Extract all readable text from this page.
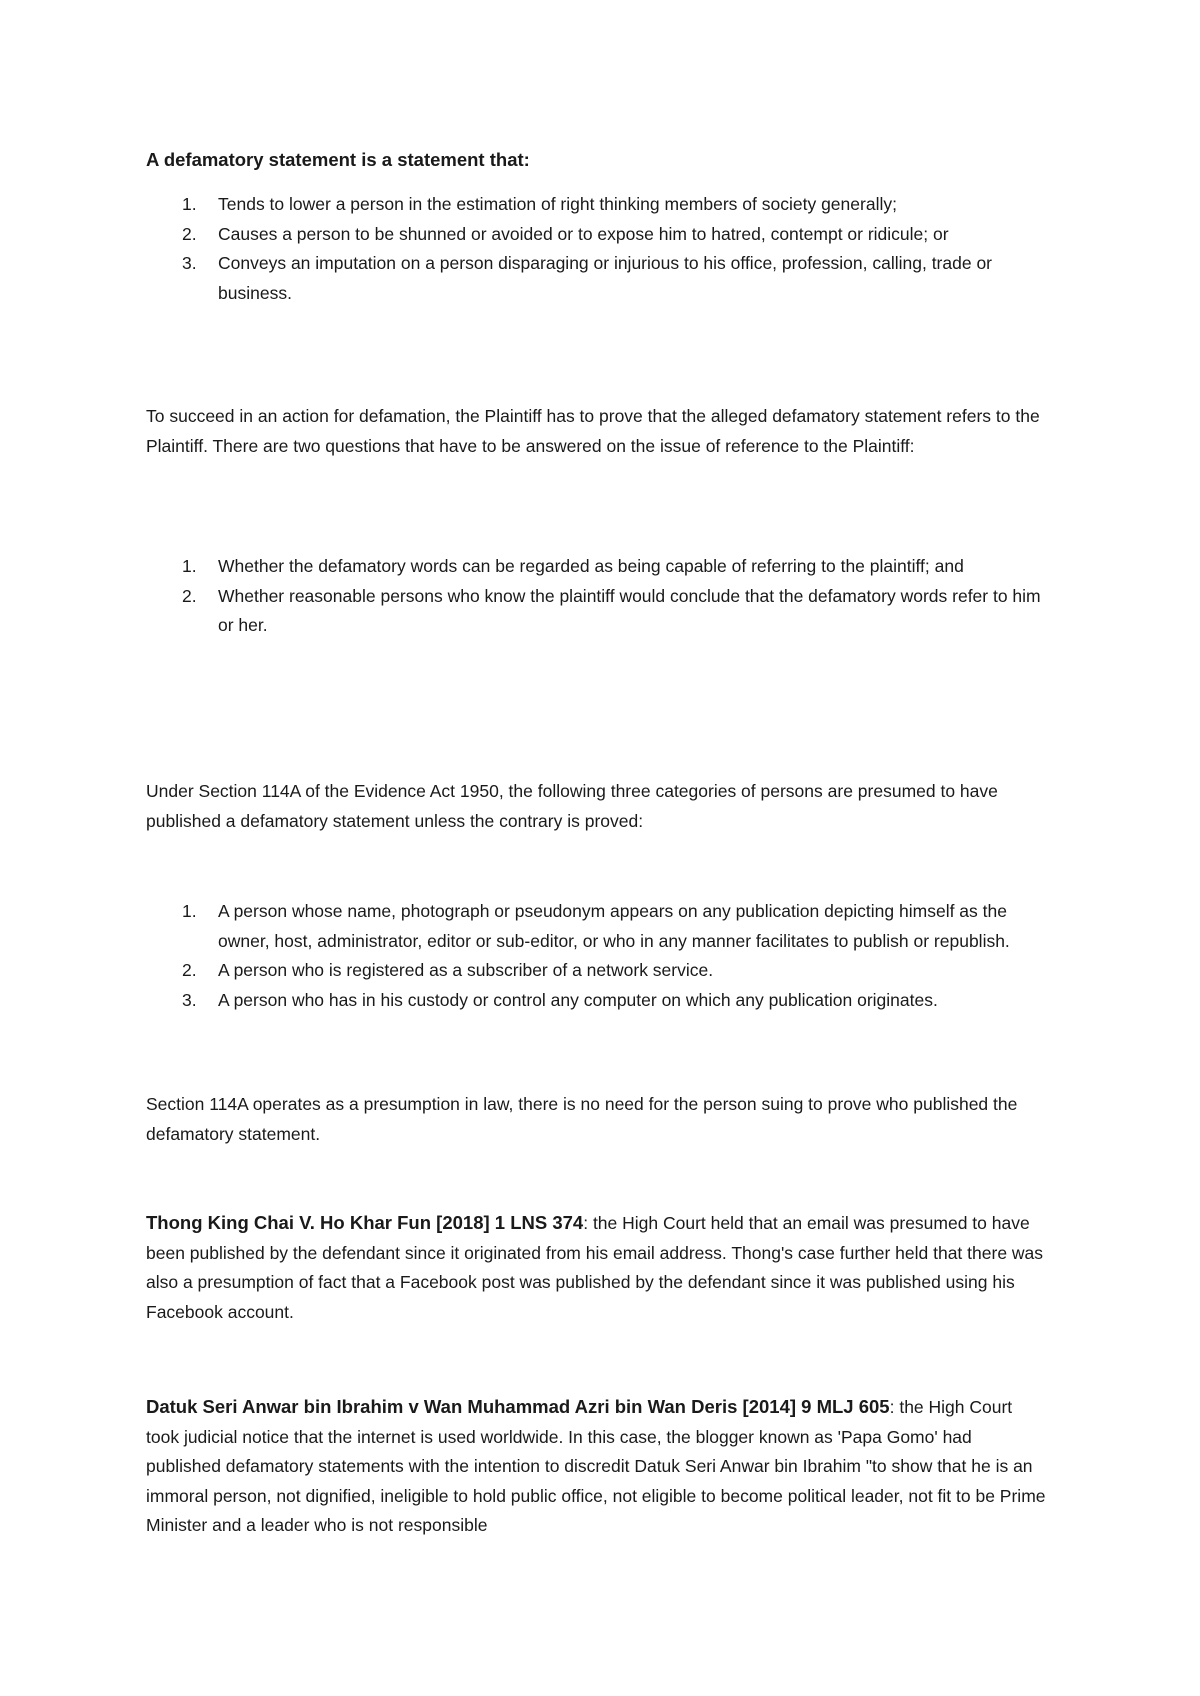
A defamatory statement is a statement that:
1. Tends to lower a person in the estimation of right thinking members of society generally;
2. Causes a person to be shunned or avoided or to expose him to hatred, contempt or ridicule; or
3. Conveys an imputation on a person disparaging or injurious to his office, profession, calling, trade or business.

To succeed in an action for defamation, the Plaintiff has to prove that the alleged defamatory statement refers to the Plaintiff. There are two questions that have to be answered on the issue of reference to the Plaintiff:

1. Whether the defamatory words can be regarded as being capable of referring to the plaintiff; and
2. Whether reasonable persons who know the plaintiff would conclude that the defamatory words refer to him or her.

Under Section 114A of the Evidence Act 1950, the following three categories of persons are presumed to have published a defamatory statement unless the contrary is proved:

1. A person whose name, photograph or pseudonym appears on any publication depicting himself as the owner, host, administrator, editor or sub-editor, or who in any manner facilitates to publish or republish.
2. A person who is registered as a subscriber of a network service.
3. A person who has in his custody or control any computer on which any publication originates.

Section 114A operates as a presumption in law, there is no need for the person suing to prove who published the defamatory statement.

Thong King Chai V. Ho Khar Fun [2018] 1 LNS 374: the High Court held that an email was presumed to have been published by the defendant since it originated from his email address. Thong's case further held that there was also a presumption of fact that a Facebook post was published by the defendant since it was published using his Facebook account.

Datuk Seri Anwar bin Ibrahim v Wan Muhammad Azri bin Wan Deris [2014] 9 MLJ 605: the High Court took judicial notice that the internet is used worldwide. In this case, the blogger known as 'Papa Gomo' had published defamatory statements with the intention to discredit Datuk Seri Anwar bin Ibrahim "to show that he is an immoral person, not dignified, ineligible to hold public office, not eligible to become political leader, not fit to be Prime Minister and a leader who is not responsible
